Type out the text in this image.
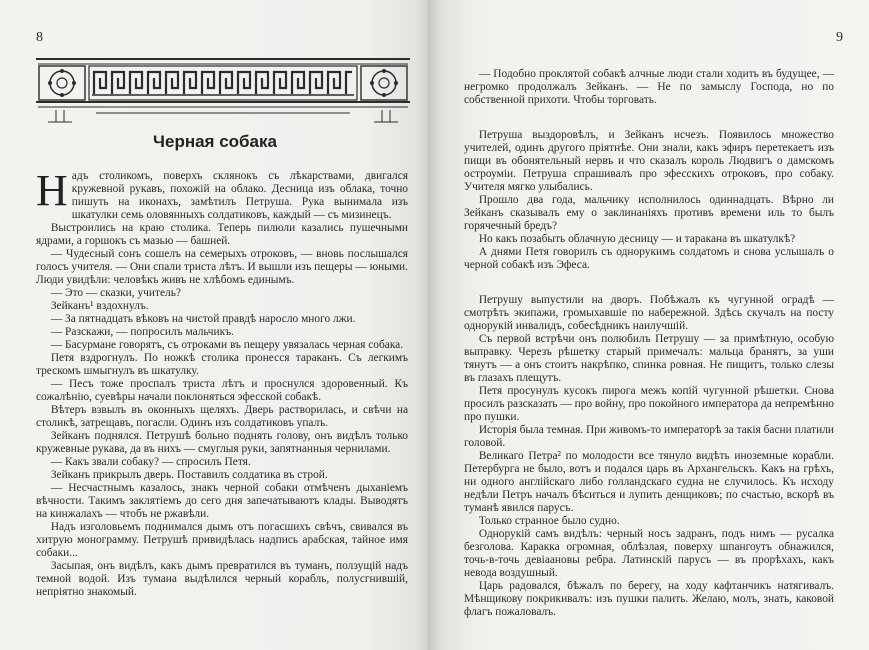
8
Черная собака

Надъ столикомъ, поверхъ склянокъ съ лѣкарствами, двигался кружевной рукавъ, похожій на облако. Десница изъ облака, точно пишуть на иконахъ, замѣтилъ Петруша. Рука вынимала изъ шкатулки семь оловянныхъ солдатиковъ, каждый — съ мизинецъ.

Выстроились на краю столика. Теперь пилюли казались пушечными ядрами, а горшокъ съ мазью — башней.

— Чудесный сонъ сошелъ на семерыхъ отроковъ, — вновь послышался голосъ учителя. — Они спали триста лѣтъ. И вышли изъ пещеры — юными. Люди увидѣли: человѣкъ живъ не хлѣбомъ единымъ.

— Это — сказки, учитель?

Зейканъ¹ вздохнулъ.

— За пятнадцать вѣковъ на чистой правдѣ наросло много лжи.

— Разскажи, — попросилъ мальчикъ.

— Басурмане говорятъ, съ отроками въ пещеру увязалась черная собака.

Петя вздрогнулъ. По ножкѣ столика пронесся тараканъ. Съ легкимъ трескомъ шмыгнулъ въ шкатулку.

— Песъ тоже проспалъ триста лѣтъ и проснулся здоровенный. Къ сожалѣнію, суевѣры начали поклоняться эфесской собакѣ.

Вѣтеръ взвылъ въ оконныхъ щеляхъ. Дверь растворилась, и свѣчи на столикѣ, затрещавъ, погасли. Одинъ изъ солдатиковъ упалъ.

Зейканъ поднялся. Петрушѣ больно поднять голову, онъ видѣлъ только кружевные рукава, да въ нихъ — смуглыя руки, запятнанныя чернилами.

— Какъ звали собаку? — спросилъ Петя.

Зейканъ прикрылъ дверь. Поставилъ солдатика въ строй.

— Несчастнымъ казалось, знакъ черной собаки отмѣченъ дыханіемъ вѣчности. Такимъ заклятіемъ до сего дня запечатываютъ клады. Выводятъ на кинжалахъ — чтобъ не ржавѣли.

Надъ изголовьемъ поднимался дымъ отъ погасшихъ свѣчъ, свивался въ хитрую монограмму. Петрушѣ привидѣлась надпись арабская, тайное имя собаки...

Засыпая, онъ видѣлъ, какъ дымъ превратился въ туманъ, ползущій надъ темной водой. Изъ тумана выдѣлился черный корабль, полусгнившій, непріятно знакомый.

9

— Подобно проклятой собакѣ алчные люди стали ходить въ будущее, — негромко продолжалъ Зейканъ. — Не по замыслу Господа, но по собственной прихоти. Чтобы торговать.

Петруша выздоровѣлъ, и Зейканъ исчезъ. Появилось множество учителей, одинъ другого пріятнѣе. Они знали, какъ эфиръ перетекаетъ изъ пищи въ обонятельный нервъ и что сказалъ король Людвигъ о дамскомъ остроуміи. Петруша спрашивалъ про эфесскихъ отроковъ, про собаку. Учителя мягко улыбались.

Прошло два года, мальчику исполнилось одиннадцать. Вѣрно ли Зейканъ сказывалъ ему о заклинаніяхъ противъ времени иль то былъ горячечный бредъ?

Но какъ позабыть облачную десницу — и таракана въ шкатулкѣ?

А днями Петя говорилъ съ однорукимъ солдатомъ и снова услышалъ о черной собакѣ изъ Эфеса.

Петрушу выпустили на дворъ. Побѣжалъ къ чугунной оградѣ — смотрѣть экипажи, громыхавшіе по набережной. Здѣсь скучалъ на посту однорукій инвалидъ, собесѣдникъ наилучшій.

Съ первой встрѣчи онъ полюбилъ Петрушу — за примѣтную, особую выправку. Черезъ рѣшетку старый примечалъ: мальца бранятъ, за уши тянутъ — а онъ стоитъ накрѣпко, спинка ровная. Не пищитъ, только слезы въ глазахъ плещутъ.

Петя просунулъ кусокъ пирога межъ копій чугунной рѣшетки. Снова просилъ разсказать — про войну, про покойного императора да непремѣнно про пушки.

Исторія была темная. При живомъ-то императорѣ за такія басни платили головой.

Великаго Петра² по молодости все тянуло видѣть иноземные корабли. Петербурга не было, вотъ и подался царь въ Архангельскъ. Какъ на грѣхъ, ни одного англійскаго либо голландскаго судна не случилось. Къ исходу недѣли Петръ началъ бѣситься и лупить денщиковъ; по счастью, вскорѣ въ туманѣ явился парусъ.

Только странное было судно.

Однорукій самъ видѣлъ: черный носъ задранъ, подъ нимъ — русалка безголова. Каракка огромная, облѣзлая, поверху шпангоутъ обнажился, точь-в-точь девіаановы ребра. Латинскій парусъ — въ прорѣхахъ, какъ невода воздушный.

Царь радовался, бѣжалъ по берегу, на ходу кафтанчикъ натягивалъ. Мѣнщикову покрикивалъ: изъ пушки палить. Желаю, молъ, знать, каковой флагъ пожаловалъ.
